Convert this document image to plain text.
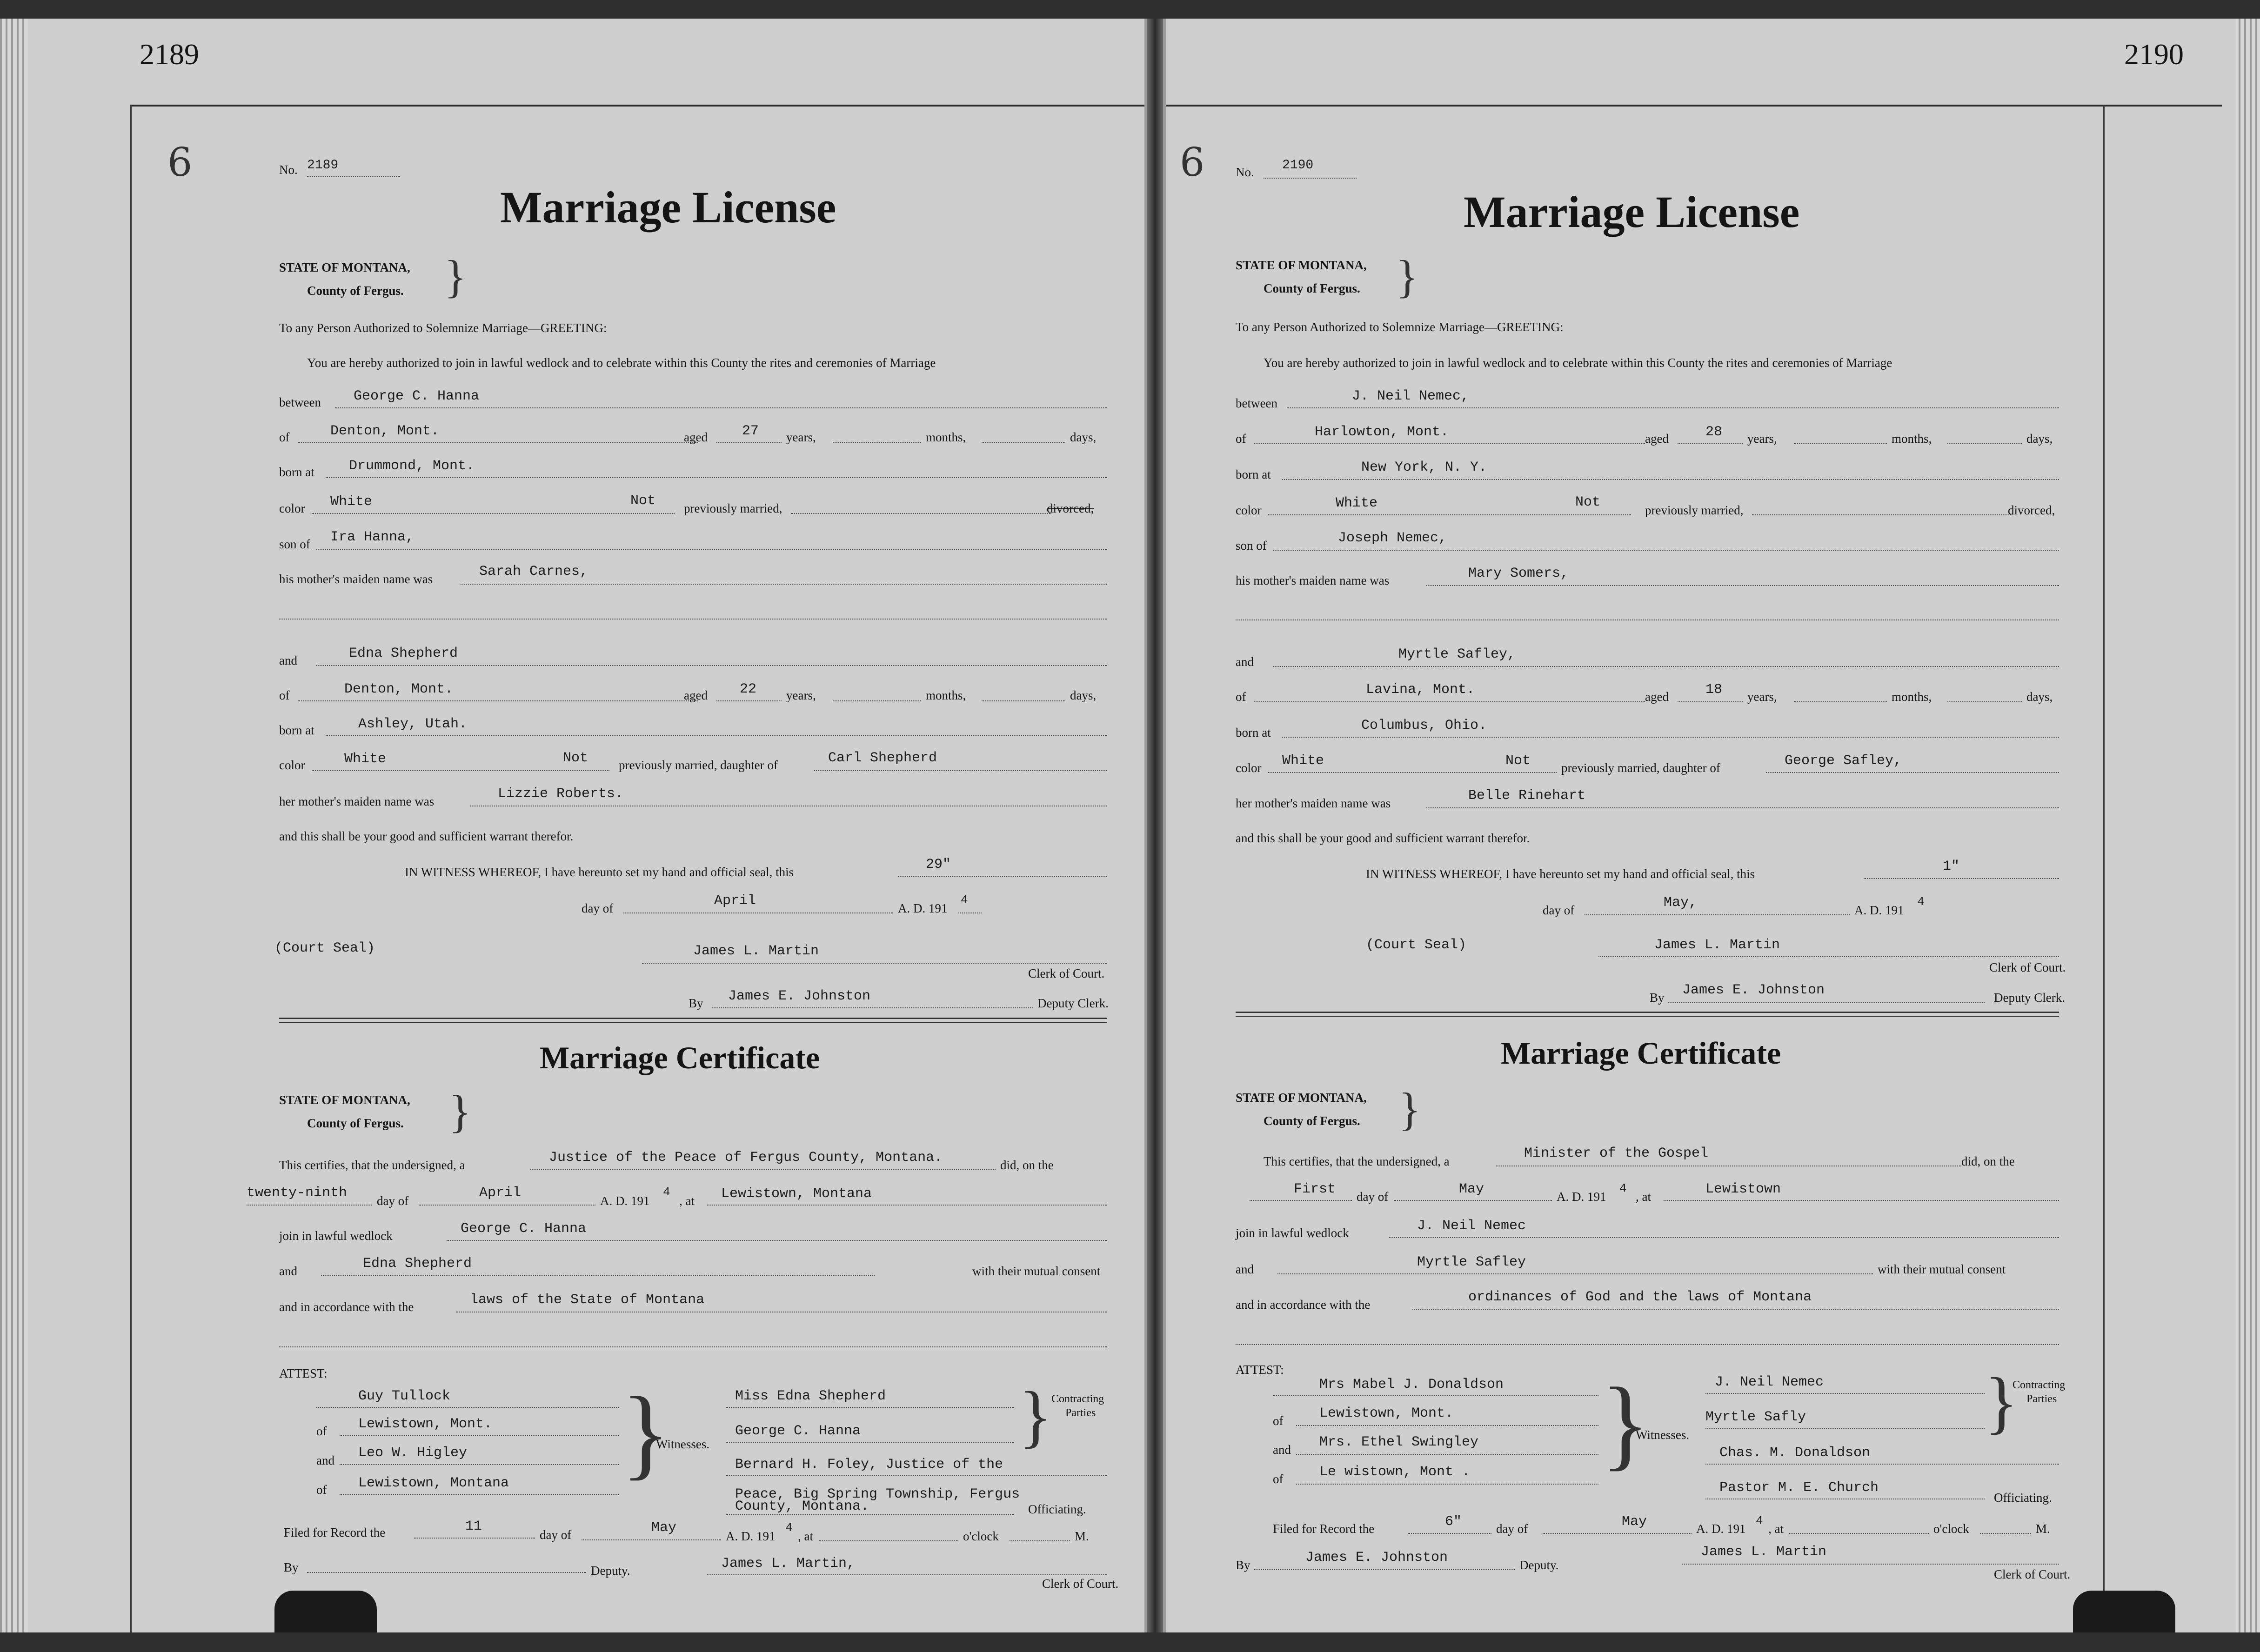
2189
6	No. 2189
Marriage License
STATE OF MONTANA,
County of Fergus. }
To any Person Authorized to Solemnize Marriage—GREETING:
You are hereby authorized to join in lawful wedlock and to celebrate within this County the rites and ceremonies of Marriage
between George C. Hanna
of	Denton, Mont.	aged 27 years,	months,	days,
born at Drummond, Mont.
color White	Not previously married,	divorced,
son of Ira Hanna,
his mother's maiden name was	Sarah Carnes,
and	Edna Shepherd
of	Denton, Mont.	aged 22 years,	months,	days,
born at	Ashley, Utah.
color	White	Not previously married, daughter of	Carl Shepherd
her mother's maiden name was	Lizzie Roberts.
and this shall be your good and sufficient warrant therefor.
IN WITNESS WHEREOF, I have hereunto set my hand and official seal, this	29"
day of	April	A. D. 191
4
(Court Seal)	James L. Martin
Clerk of Court.
By James E. Johnston	Deputy Clerk.
Marriage Certificate
STATE OF MONTANA,
County of Fergus. }
This certifies, that the undersigned, a	Justice of the Peace of Fergus County, Montana.	did, on the
twenty-ninth day of	April	A. D. 191
4
, at Lewistown, Montana
join in lawful wedlock	George C. Hanna
and	Edna Shepherd	with their mutual consent
and in accordance with the	laws of the State of Montana
ATTEST:
Guy Tullock
of Lewistown, Mont.
and Leo W. Higley
of Lewistown, Montana }
Witnesses.
Miss Edna Shepherd
George C. Hanna }
Contracting
Parties
Bernard H. Foley, Justice of the
Peace, Big Spring Township, Fergus
County, Montana.	Officiating.
Filed for Record the	11
day of	May
A. D. 191
4
, at	o'clock	M.
By	Deputy.	James L. Martin,
Clerk of Court.
2190
6 No. 2190
Marriage License
STATE OF MONTANA,
County of Fergus. }
To any Person Authorized to Solemnize Marriage—GREETING:
You are hereby authorized to join in lawful wedlock and to celebrate within this County the rites and ceremonies of Marriage
between	J. Neil Nemec,
of	Harlowton, Mont.	aged	28 years,	months,	days,
born at	New York, N. Y.
color	White	Not	previously married,	divorced,
son of	Joseph Nemec,
his mother's maiden name was	Mary Somers,
and	Myrtle Safley,
of	Lavina, Mont.	aged	18 years,	months,	days,
born at	Columbus, Ohio.
color White	Not previously married, daughter of	George Safley,
her mother's maiden name was	Belle Rinehart
and this shall be your good and sufficient warrant therefor.
IN WITNESS WHEREOF, I have hereunto set my hand and official seal, this	1"
day of	May,	A. D. 191
4
(Court Seal)	James L. Martin
Clerk of Court.
By James E. Johnston	Deputy Clerk.
Marriage Certificate
STATE OF MONTANA,
County of Fergus. }
This certifies, that the undersigned, a	Minister of the Gospel	did, on the
First day of	May	A. D. 191
4
, at	Lewistown
join in lawful wedlock	J. Neil Nemec
and	Myrtle Safley	with their mutual consent
and in accordance with the	ordinances of God and the laws of Montana
ATTEST:
Mrs Mabel J. Donaldson
of	Lewistown, Mont.
and Mrs. Ethel Swingley
of	Le wistown, Mont . }
Witnesses.
J. Neil Nemec
Myrtle Safly	}
Contracting
Parties
Chas. M. Donaldson
Pastor M. E. Church
Officiating.
Filed for Record the	6"	day of	May	A. D. 191
4
, at	o'clock	M.
By	James E. Johnston	Deputy.
James L. Martin
Clerk of Court.
